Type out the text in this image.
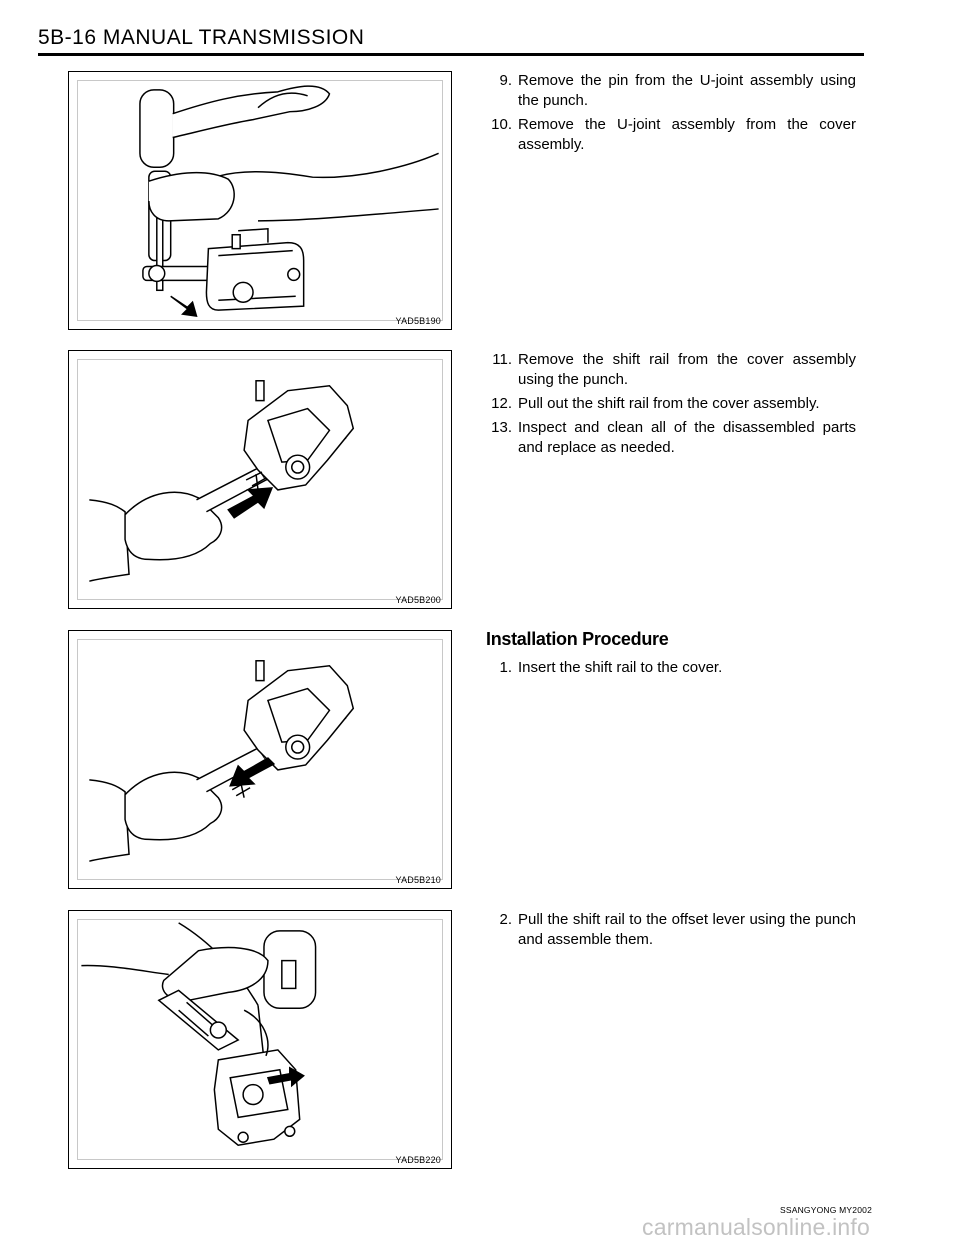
5B-16 MANUAL TRANSMISSION
YAD5B190
YAD5B200
YAD5B210
YAD5B220
9. Remove the pin from the U-joint assembly using the punch.
10. Remove the U-joint assembly from the cover assembly.
11. Remove the shift rail from the cover assembly using the punch.
12. Pull out the shift rail from the cover assembly.
13. Inspect and clean all of the disassembled parts and replace as needed.
Installation Procedure
1. Insert the shift rail to the cover.
2. Pull the shift rail to the offset lever using the punch and assemble them.
SSANGYONG MY2002
carmanualsonline.info
